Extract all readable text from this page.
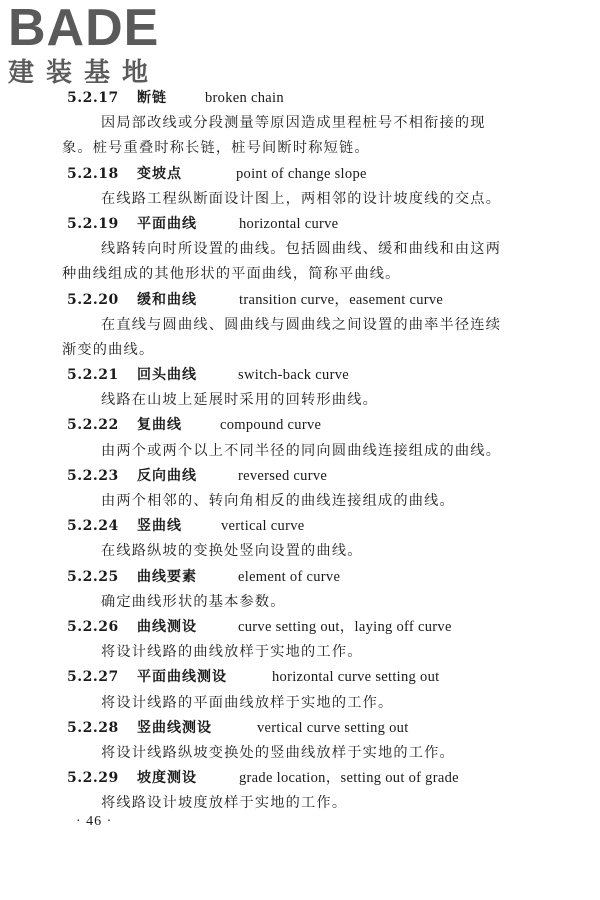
BADE
建装基地
5.2.17 断链	broken chain
因局部改线或分段测量等原因造成里程桩号不相衔接的现
象。桩号重叠时称长链，桩号间断时称短链。
5.2.18 变坡点	point of change slope
在线路工程纵断面设计图上，两相邻的设计坡度线的交点。
5.2.19 平面曲线	horizontal curve
线路转向时所设置的曲线。包括圆曲线、缓和曲线和由这两
种曲线组成的其他形状的平面曲线，简称平曲线。
5.2.20 缓和曲线	transition curve，easement curve
在直线与圆曲线、圆曲线与圆曲线之间设置的曲率半径连续
渐变的曲线。
5.2.21 回头曲线	switch-back curve
线路在山坡上延展时采用的回转形曲线。
5.2.22 复曲线	compound curve
由两个或两个以上不同半径的同向圆曲线连接组成的曲线。
5.2.23 反向曲线	reversed curve
由两个相邻的、转向角相反的曲线连接组成的曲线。
5.2.24 竖曲线	vertical curve
在线路纵坡的变换处竖向设置的曲线。
5.2.25 曲线要素	element of curve
确定曲线形状的基本参数。
5.2.26 曲线测设	curve setting out，laying off curve
将设计线路的曲线放样于实地的工作。
5.2.27 平面曲线测设	horizontal curve setting out
将设计线路的平面曲线放样于实地的工作。
5.2.28 竖曲线测设	vertical curve setting out
将设计线路纵坡变换处的竖曲线放样于实地的工作。
5.2.29 坡度测设	grade location，setting out of grade
将线路设计坡度放样于实地的工作。
· 46 ·
